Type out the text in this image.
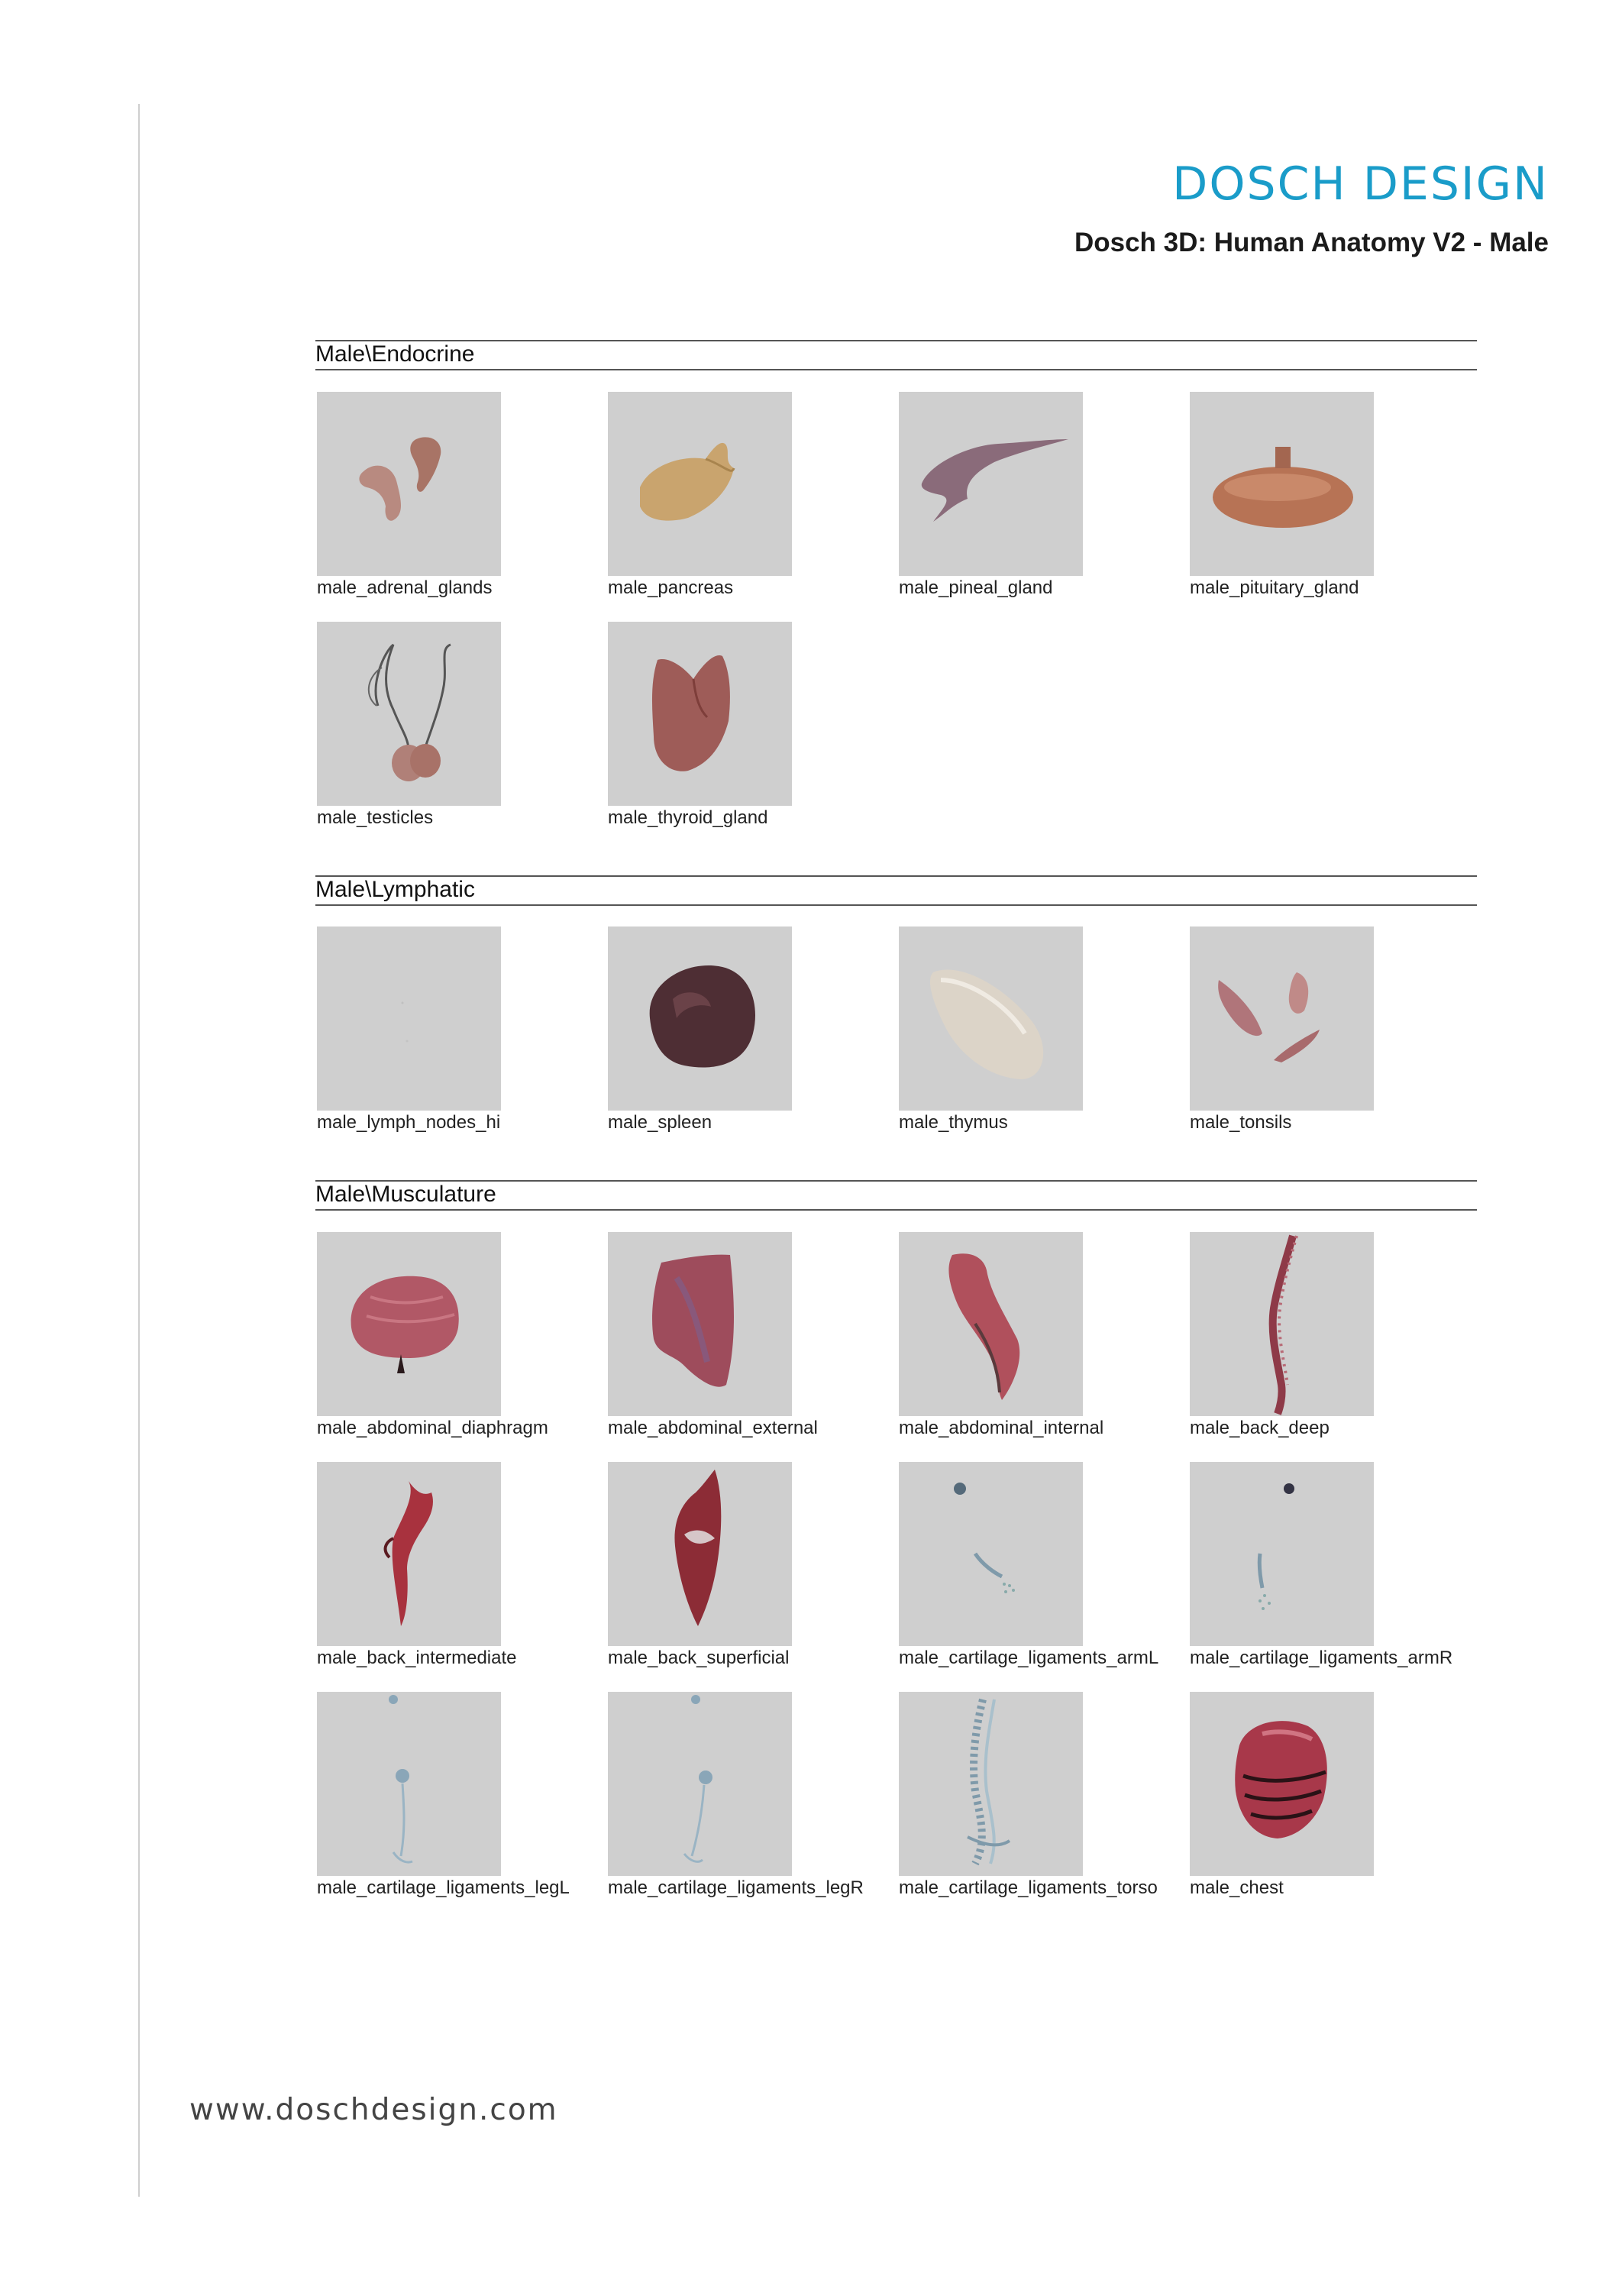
DOSCH DESIGN
Dosch 3D: Human Anatomy V2 - Male
Male\Endocrine
Male\Lymphatic
Male\Musculature
male_adrenal_glands	male_pancreas	male_pineal_gland	male_pituitary_gland
male_testicles	male_thyroid_gland
male_lymph_nodes_hi	male_spleen	male_thymus	male_tonsils
male_abdominal_diaphragm	male_abdominal_external	male_abdominal_internal	male_back_deep
male_back_intermediate	male_back_superficial	male_cartilage_ligaments_armL	male_cartilage_ligaments_armR
male_cartilage_ligaments_legL	male_cartilage_ligaments_legR	male_cartilage_ligaments_torso	male_chest
www.doschdesign.com
